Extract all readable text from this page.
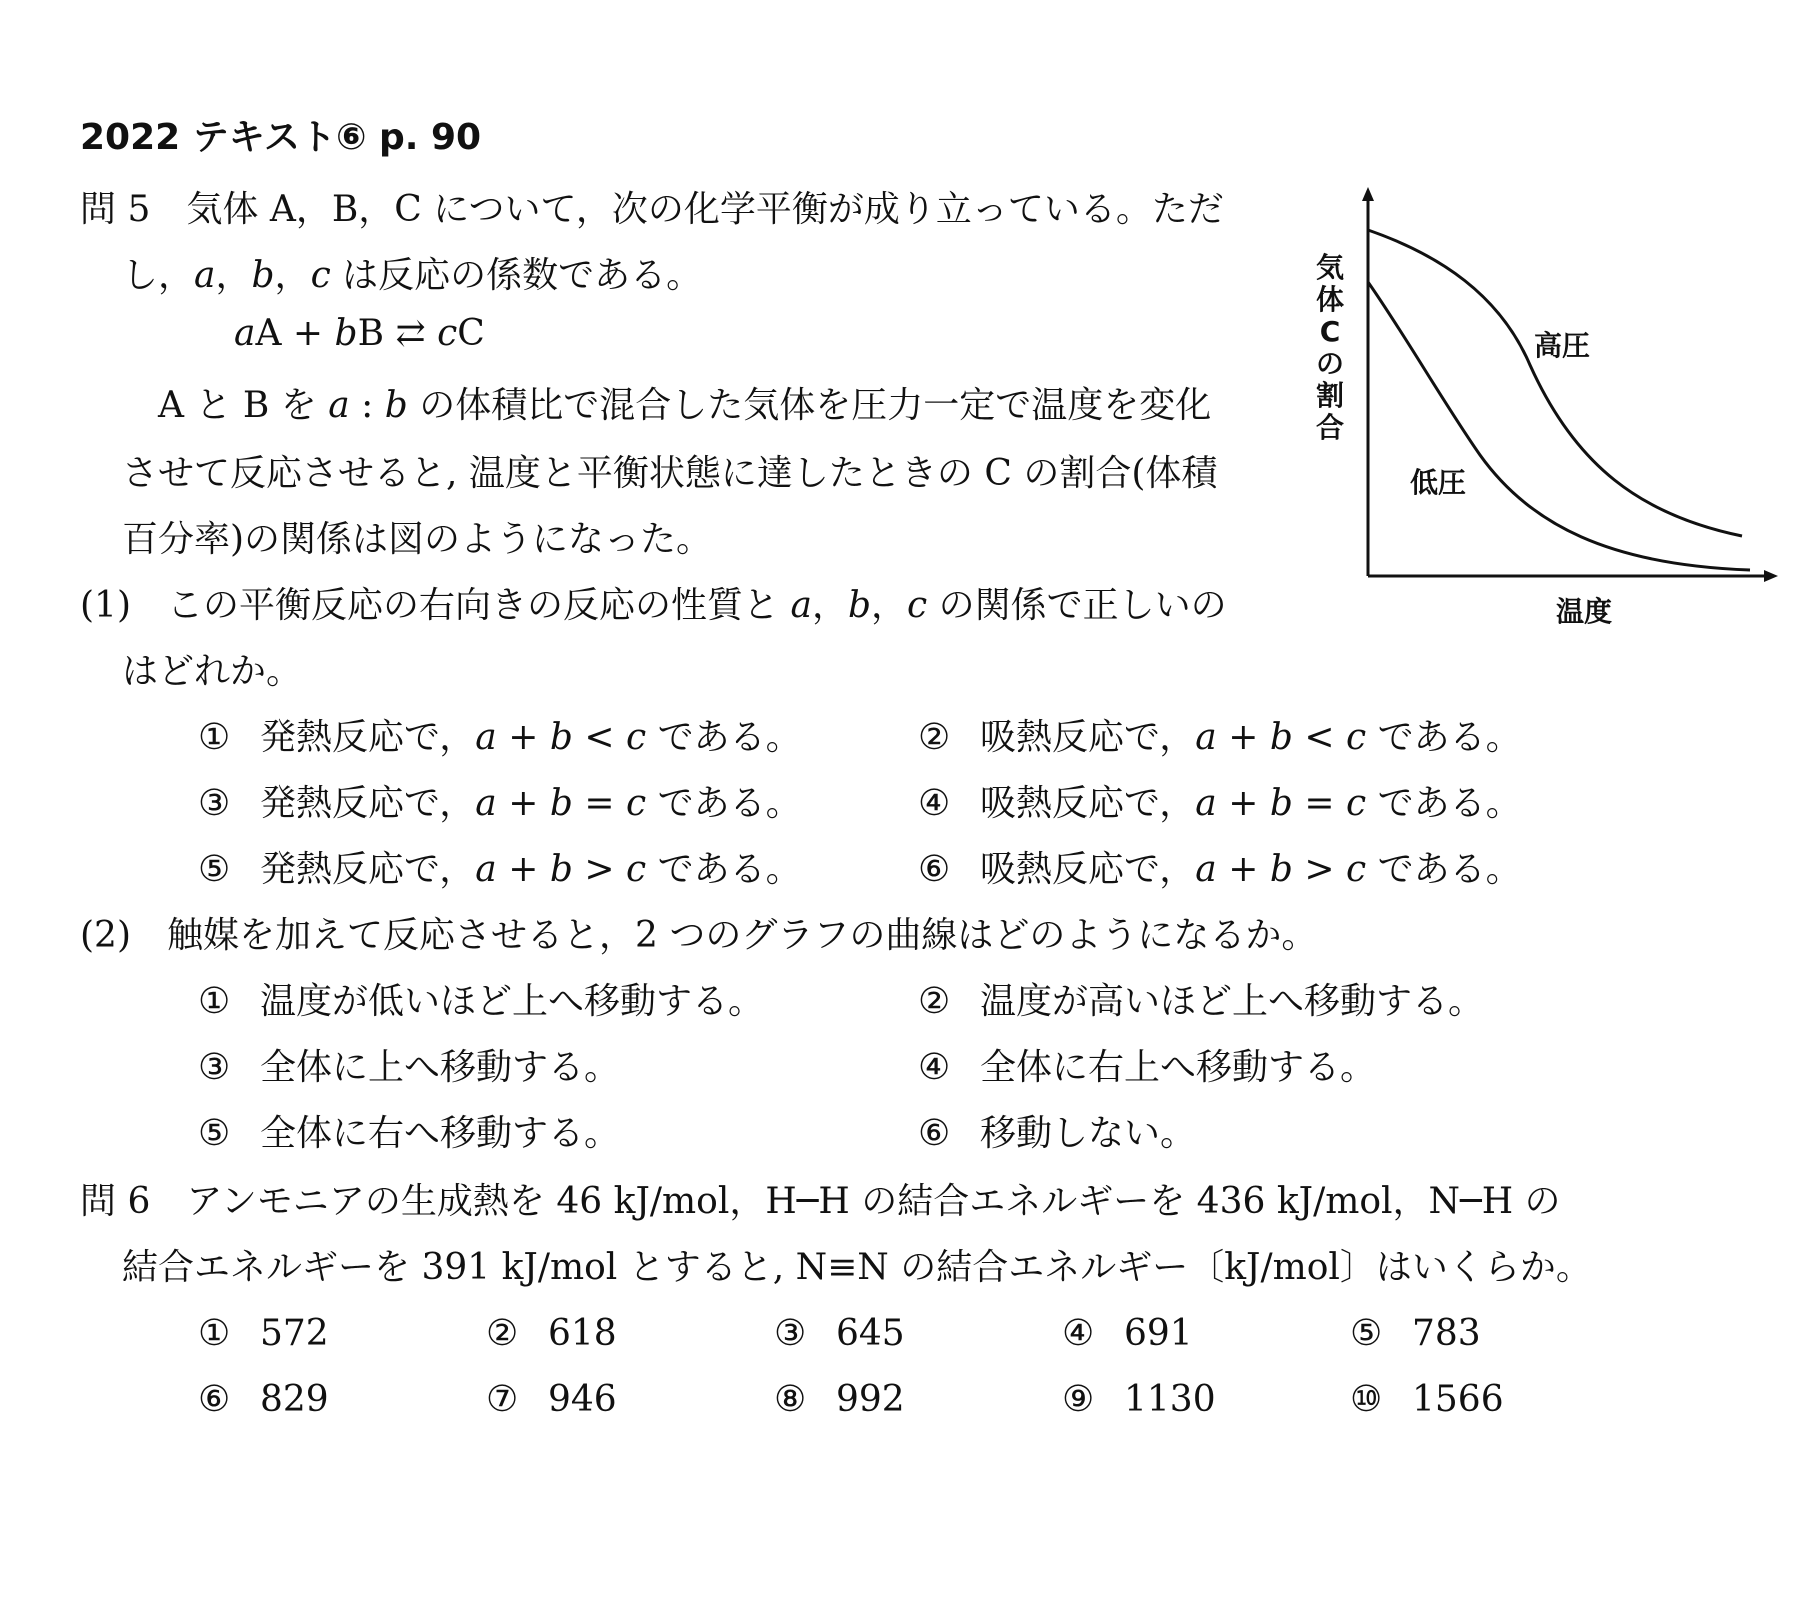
2022 テキスト⑥ p. 90
問 5　 気体 A，B，C について，次の化学平衡が成り立っている。ただ
し，a，b，c は反応の係数である。
aA + bB ⇄ cC
A と B を a : b の体積比で混合した気体を圧力一定で温度を変化
させて反応させると, 温度と平衡状態に達したときの C の割合(体積
百分率)の関係は図のようになった。
(1)　 この平衡反応の右向きの反応の性質と a，b，c の関係で正しいの
はどれか。
① 発熱反応で，a + b < c である。	② 吸熱反応で，a + b < c である。
③ 発熱反応で，a + b = c である。	④ 吸熱反応で，a + b = c である。
⑤ 発熱反応で，a + b > c である。	⑥ 吸熱反応で，a + b > c である。
(2)　 触媒を加えて反応させると，2 つのグラフの曲線はどのようになるか。
① 温度が低いほど上へ移動する。	② 温度が高いほど上へ移動する。
③ 全体に上へ移動する。	④ 全体に右上へ移動する。
⑤ 全体に右へ移動する。	⑥ 移動しない。
問 6　 アンモニアの生成熱を 46 kJ/mol，H─H の結合エネルギーを 436 kJ/mol，N─H の
結合エネルギーを 391 kJ/mol とすると, N≡N の結合エネルギー〔kJ/mol〕はいくらか。
① 572	② 618	③ 645	④ 691	⑤ 783
⑥ 829	⑦ 946	⑧ 992	⑨ 1130	⑩ 1566
高圧
低圧
温度
気
体
C
の
割
合
